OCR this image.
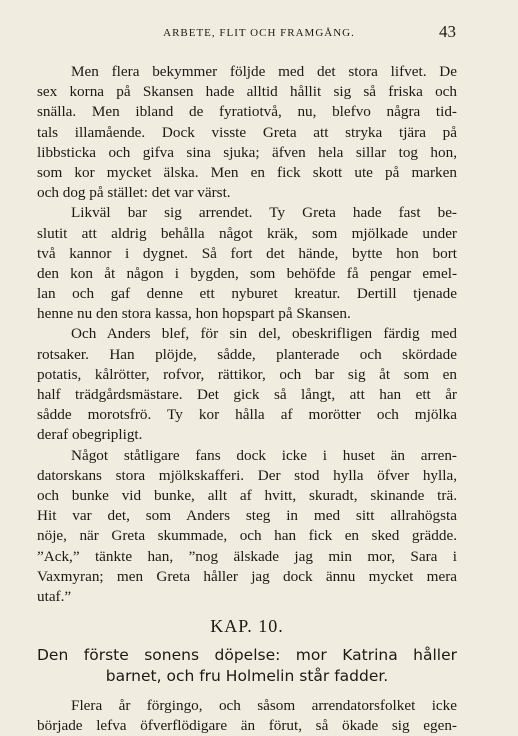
ARBETE, FLIT OCH FRAMGÅNG.	43
Men flera bekymmer följde med det stora lifvet. De
sex korna på Skansen hade alltid hållit sig så friska och
snälla. Men ibland de fyratiotvå, nu, blefvo några tid-
tals illamående. Dock visste Greta att stryka tjära på
libbsticka och gifva sina sjuka; äfven hela sillar tog hon,
som kor mycket älska. Men en fick skott ute på marken
och dog på stället: det var värst.
Likväl bar sig arrendet. Ty Greta hade fast be-
slutit att aldrig behålla något kräk, som mjölkade under
två kannor i dygnet. Så fort det hände, bytte hon bort
den kon åt någon i bygden, som behöfde få pengar emel-
lan och gaf denne ett nyburet kreatur. Dertill tjenade
henne nu den stora kassa, hon hopspart på Skansen.
Och Anders blef, för sin del, obeskrifligen färdig med
rotsaker. Han plöjde, sådde, planterade och skördade
potatis, kålrötter, rofvor, rättikor, och bar sig åt som en
half trädgårdsmästare. Det gick så långt, att han ett år
sådde morotsfrö. Ty kor hålla af morötter och mjölka
deraf obegripligt.
Något ståtligare fans dock icke i huset än arren-
datorskans stora mjölkskafferi. Der stod hylla öfver hylla,
och bunke vid bunke, allt af hvitt, skuradt, skinande trä.
Hit var det, som Anders steg in med sitt allrahögsta
nöje, när Greta skummade, och han fick en sked grädde.
”Ack,” tänkte han, ”nog älskade jag min mor, Sara i
Vaxmyran; men Greta håller jag dock ännu mycket mera
utaf.”
KAP. 10.
Den förste sonens döpelse: mor Katrina håller
barnet, och fru Holmelin står fadder.
Flera år förgingo, och såsom arrendatorsfolket icke
började lefva öfverflödigare än förut, så ökade sig egen-
